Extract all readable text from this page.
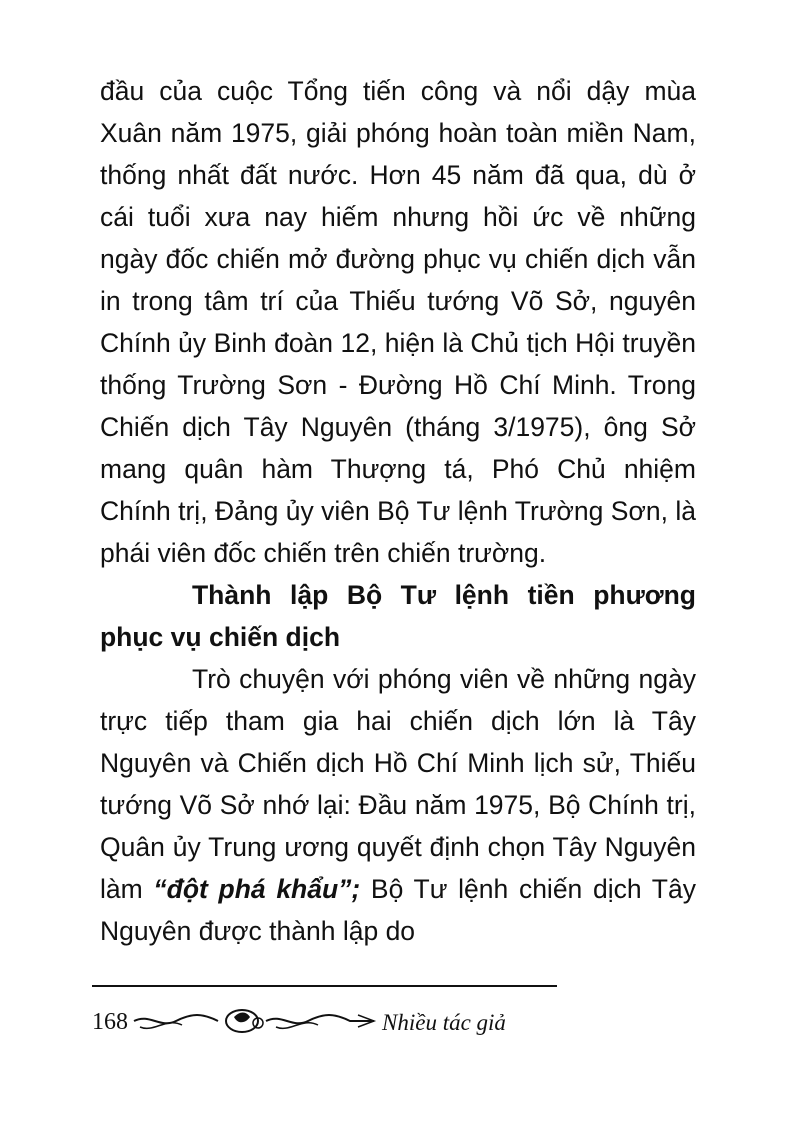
đầu của cuộc Tổng tiến công và nổi dậy mùa Xuân năm 1975, giải phóng hoàn toàn miền Nam, thống nhất đất nước. Hơn 45 năm đã qua, dù ở cái tuổi xưa nay hiếm nhưng hồi ức về những ngày đốc chiến mở đường phục vụ chiến dịch vẫn in trong tâm trí của Thiếu tướng Võ Sở, nguyên Chính ủy Binh đoàn 12, hiện là Chủ tịch Hội truyền thống Trường Sơn - Đường Hồ Chí Minh. Trong Chiến dịch Tây Nguyên (tháng 3/1975), ông Sở mang quân hàm Thượng tá, Phó Chủ nhiệm Chính trị, Đảng ủy viên Bộ Tư lệnh Trường Sơn, là phái viên đốc chiến trên chiến trường.

Thành lập Bộ Tư lệnh tiền phương
phục vụ chiến dịch

Trò chuyện với phóng viên về những ngày trực tiếp tham gia hai chiến dịch lớn là Tây Nguyên và Chiến dịch Hồ Chí Minh lịch sử, Thiếu tướng Võ Sở nhớ lại: Đầu năm 1975, Bộ Chính trị, Quân ủy Trung ương quyết định chọn Tây Nguyên làm “đột phá khẩu”; Bộ Tư lệnh chiến dịch Tây Nguyên được thành lập do

168	Nhiều tác giả
